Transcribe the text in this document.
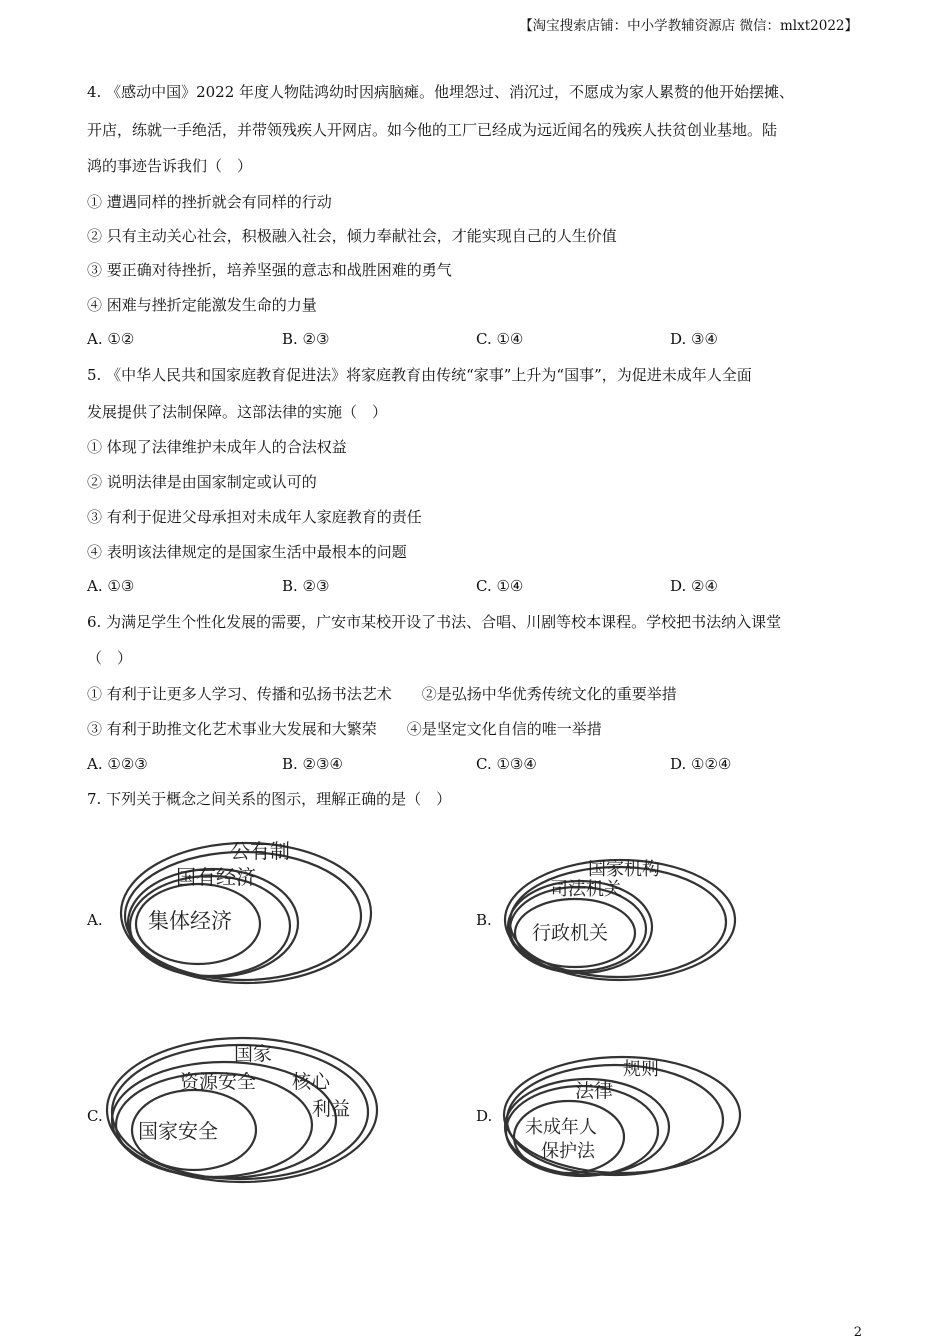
【淘宝搜索店铺：中小学教辅资源店 微信：mlxt2022】
4. 《感动中国》2022 年度人物陆鸿幼时因病脑瘫。他埋怨过、消沉过，不愿成为家人累赘的他开始摆摊、
开店，练就一手绝活，并带领残疾人开网店。如今他的工厂已经成为远近闻名的残疾人扶贫创业基地。陆
鸿的事迹告诉我们（　）
① 遭遇同样的挫折就会有同样的行动
② 只有主动关心社会，积极融入社会，倾力奉献社会，才能实现自己的人生价值
③ 要正确对待挫折，培养坚强的意志和战胜困难的勇气
④ 困难与挫折定能激发生命的力量
A. ①②	B. ②③	C. ①④	D. ③④
5. 《中华人民共和国家庭教育促进法》将家庭教育由传统“家事”上升为“国事”，为促进未成年人全面
发展提供了法制保障。这部法律的实施（　）
① 体现了法律维护未成年人的合法权益
② 说明法律是由国家制定或认可的
③ 有利于促进父母承担对未成年人家庭教育的责任
④ 表明该法律规定的是国家生活中最根本的问题
A. ①③	B. ②③	C. ①④	D. ②④
6. 为满足学生个性化发展的需要，广安市某校开设了书法、合唱、川剧等校本课程。学校把书法纳入课堂
（　）
① 有利于让更多人学习、传播和弘扬书法艺术　　②是弘扬中华优秀传统文化的重要举措
③ 有利于助推文化艺术事业大发展和大繁荣　　④是坚定文化自信的唯一举措
A. ①②③	B. ②③④	C. ①③④	D. ①②④
7. 下列关于概念之间关系的图示，理解正确的是（　）
A.
公有制
国有经济
集体经济	B.
国家机构
司法机关
行政机关
C.
国家
资源安全 核心
利益
国家安全
D.
规则
法律
未成年人
保护法
2
